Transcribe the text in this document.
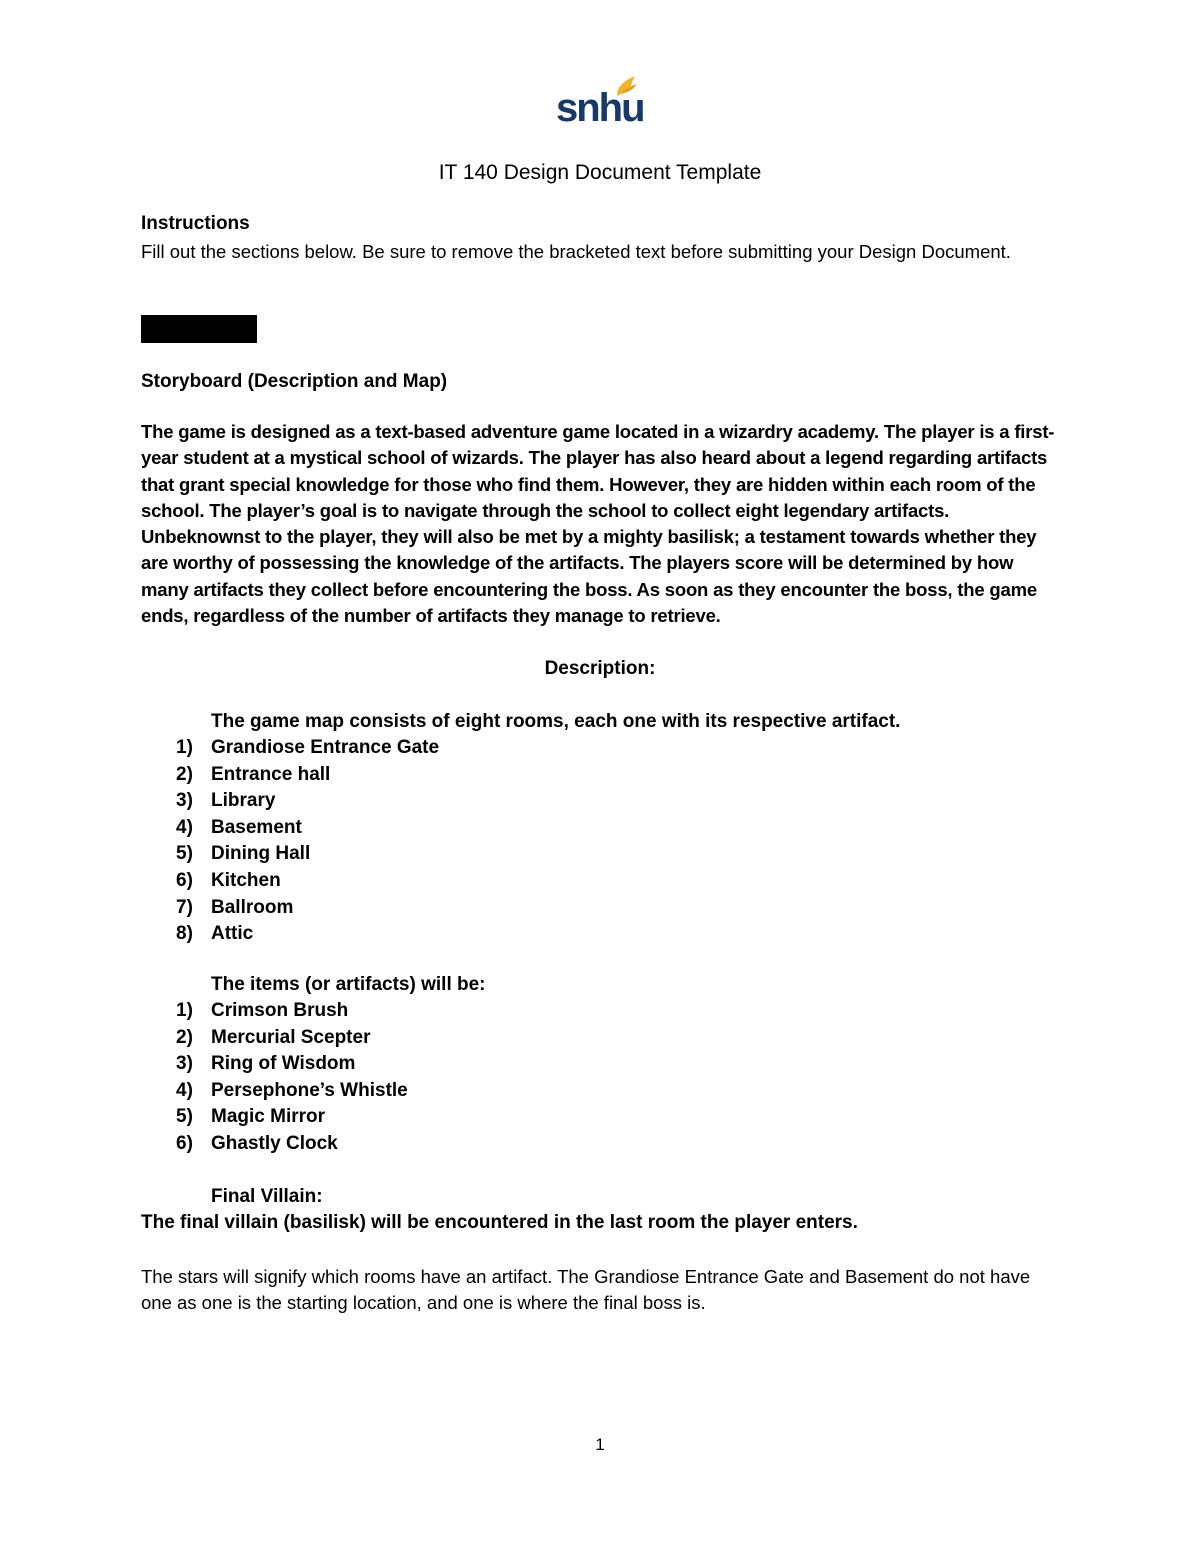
snhu
IT 140 Design Document Template
Instructions
Fill out the sections below. Be sure to remove the bracketed text before submitting your Design Document.
Storyboard (Description and Map)
The game is designed as a text-based adventure game located in a wizardry academy. The player is a first-year student at a mystical school of wizards. The player has also heard about a legend regarding artifacts that grant special knowledge for those who find them. However, they are hidden within each room of the school. The player’s goal is to navigate through the school to collect eight legendary artifacts. Unbeknownst to the player, they will also be met by a mighty basilisk; a testament towards whether they are worthy of possessing the knowledge of the artifacts. The players score will be determined by how many artifacts they collect before encountering the boss. As soon as they encounter the boss, the game ends, regardless of the number of artifacts they manage to retrieve.
Description:
The game map consists of eight rooms, each one with its respective artifact.
1) Grandiose Entrance Gate
2) Entrance hall
3) Library
4) Basement
5) Dining Hall
6) Kitchen
7) Ballroom
8) Attic
The items (or artifacts) will be:
1) Crimson Brush
2) Mercurial Scepter
3) Ring of Wisdom
4) Persephone’s Whistle
5) Magic Mirror
6) Ghastly Clock
Final Villain:
The final villain (basilisk) will be encountered in the last room the player enters.
The stars will signify which rooms have an artifact. The Grandiose Entrance Gate and Basement do not have one as one is the starting location, and one is where the final boss is.
1
